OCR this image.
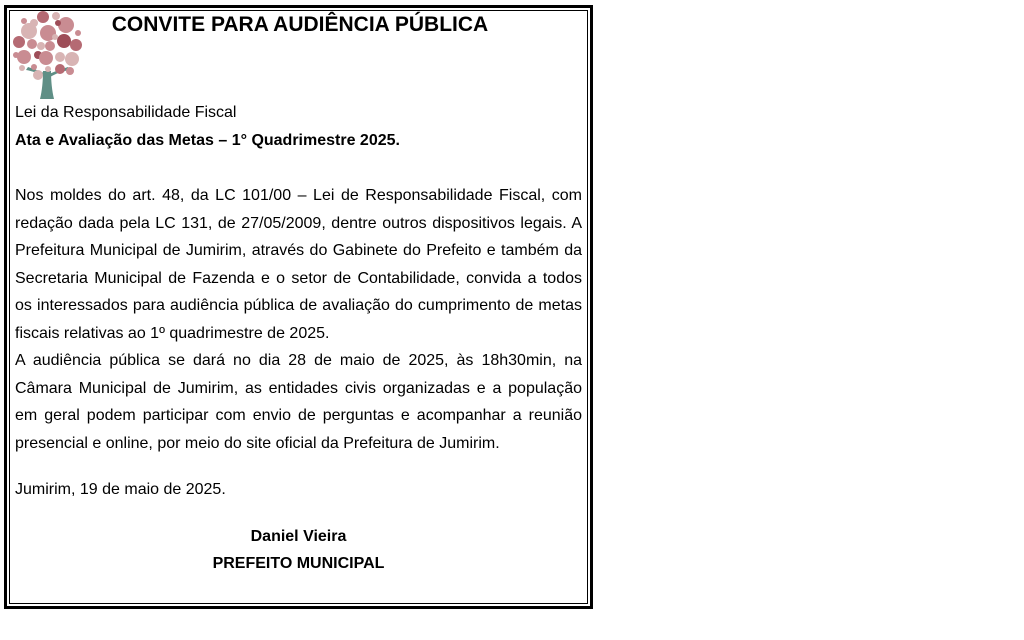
CONVITE PARA AUDIÊNCIA PÚBLICA
Lei da Responsabilidade Fiscal
Ata e Avaliação das Metas – 1° Quadrimestre 2025.

Nos moldes do art. 48, da LC 101/00 – Lei de Responsabilidade Fiscal, com redação dada pela LC 131, de 27/05/2009, dentre outros dispositivos legais. A Prefeitura Municipal de Jumirim, através do Gabinete do Prefeito e também da Secretaria Municipal de Fazenda e o setor de Contabilidade, convida a todos os interessados para audiência pública de avaliação do cumprimento de metas fiscais relativas ao 1º quadrimestre de 2025.

A audiência pública se dará no dia 28 de maio de 2025, às 18h30min, na Câmara Municipal de Jumirim, as entidades civis organizadas e a população em geral podem participar com envio de perguntas e acompanhar a reunião presencial e online, por meio do site oficial da Prefeitura de Jumirim.

Jumirim, 19 de maio de 2025.
Daniel Vieira
PREFEITO MUNICIPAL
